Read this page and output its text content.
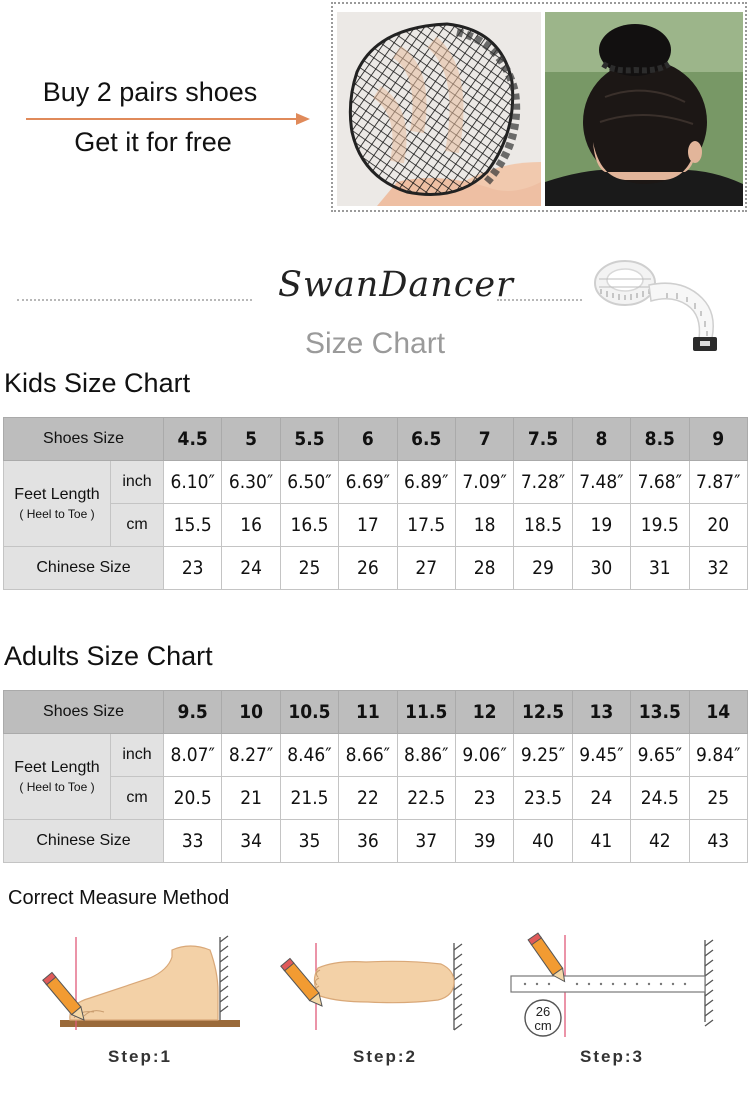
Buy 2 pairs shoes
Get it for free
SwanDancer
Size Chart
Kids Size Chart
Shoes Size		4.5	5	5.5	6	6.5	7	7.5	8	8.5	9
Feet Length
( Heel to Toe )	inch	6.10″	6.30″	6.50″	6.69″	6.89″	7.09″	7.28″	7.48″	7.68″	7.87″
	cm	15.5	16	16.5	17	17.5	18	18.5	19	19.5	20
Chinese Size		23	24	25	26	27	28	29	30	31	32
Adults Size Chart
Shoes Size		9.5	10	10.5	11	11.5	12	12.5	13	13.5	14
Feet Length
( Heel to Toe )	inch	8.07″	8.27″	8.46″	8.66″	8.86″	9.06″	9.25″	9.45″	9.65″	9.84″
	cm	20.5	21	21.5	22	22.5	23	23.5	24	24.5	25
Chinese Size		33	34	35	36	37	39	40	41	42	43
Correct Measure Method
Step:1	Step:2
26
cm
Step:3
